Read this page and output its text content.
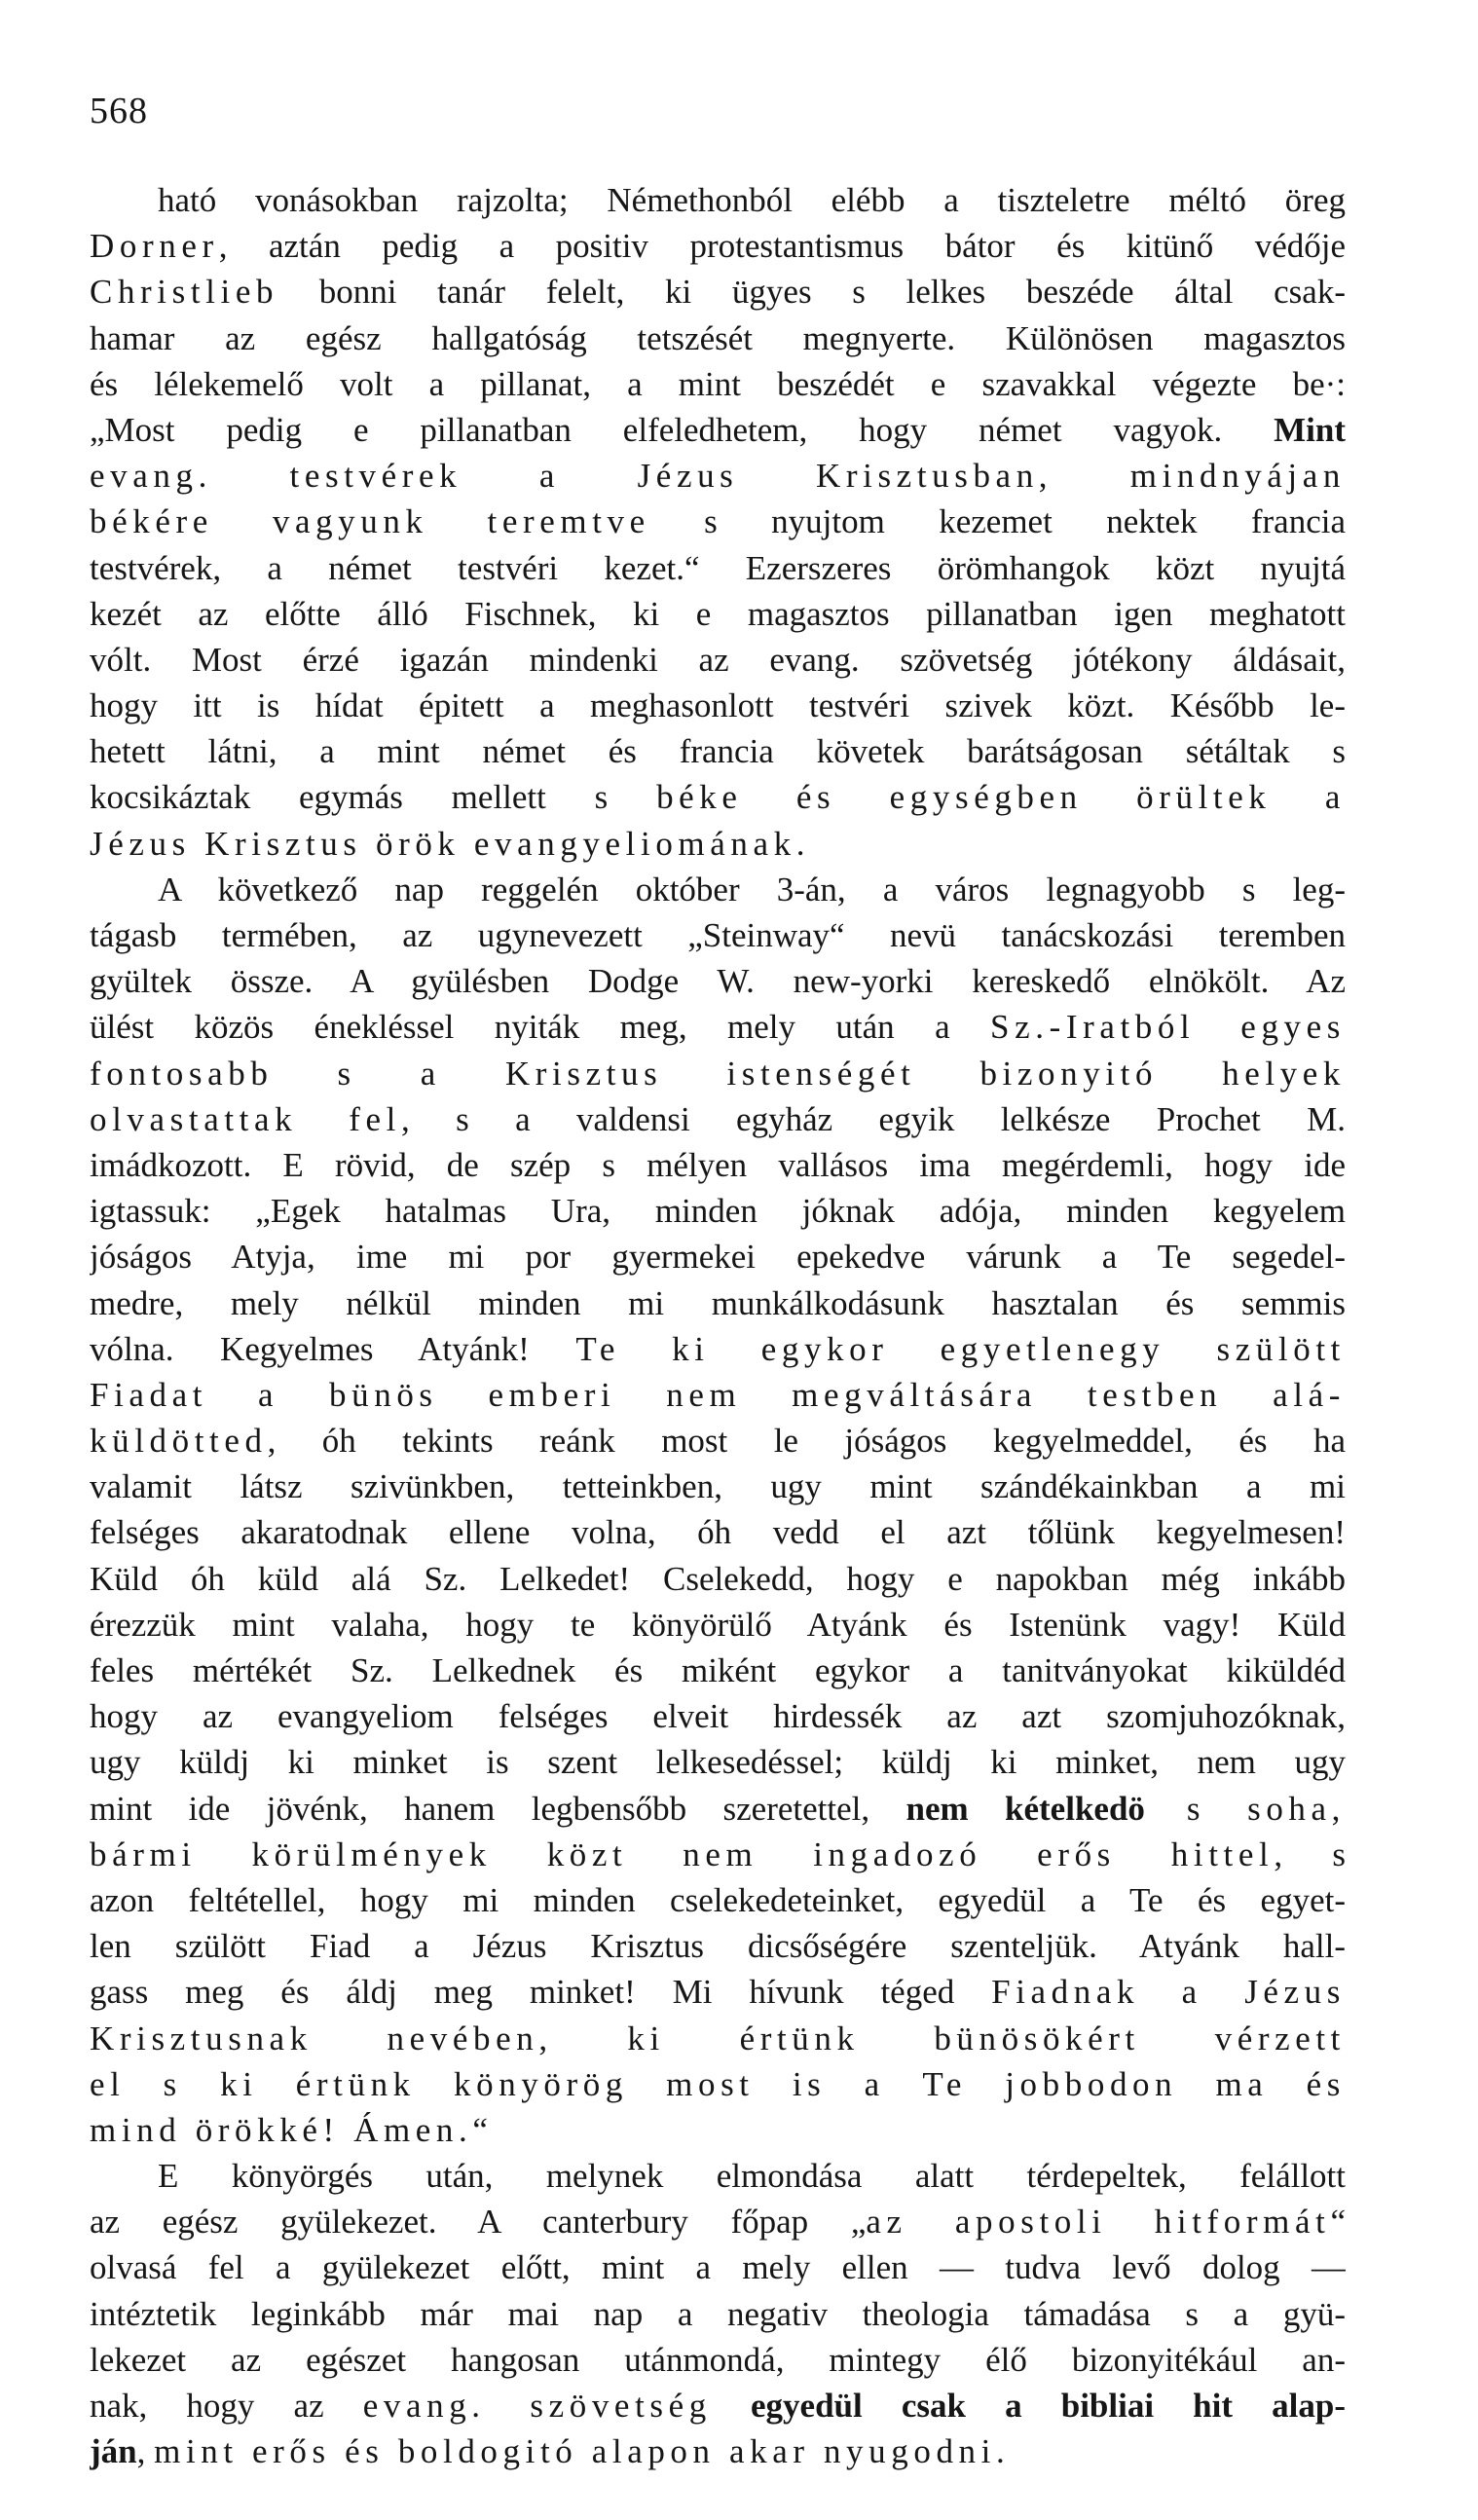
568
ható vonásokban rajzolta; Némethonból elébb a tiszteletre méltó öreg
Dorner, aztán pedig a positiv protestantismus bátor és kitünő védője
Christlieb bonni tanár felelt, ki ügyes s lelkes beszéde által csak-
hamar az egész hallgatóság tetszését megnyerte. Különösen magasztos
és lélekemelő volt a pillanat, a mint beszédét e szavakkal végezte be·:
„Most pedig e pillanatban elfeledhetem, hogy német vagyok. Mint
evang. testvérek a Jézus Krisztusban, mindnyájan
békére vagyunk teremtve s nyujtom kezemet nektek francia
testvérek, a német testvéri kezet.“ Ezerszeres örömhangok közt nyujtá
kezét az előtte álló Fischnek, ki e magasztos pillanatban igen meghatott
vólt. Most érzé igazán mindenki az evang. szövetség jótékony áldásait,
hogy itt is hídat épitett a meghasonlott testvéri szivek közt. Később le-
hetett látni, a mint német és francia követek barátságosan sétáltak s
kocsikáztak egymás mellett s béke és egységben örültek a
Jézus Krisztus örök evangyeliomának.
A következő nap reggelén október 3-án, a város legnagyobb s leg-
tágasb termében, az ugynevezett „Steinway“ nevü tanácskozási teremben
gyültek össze. A gyülésben Dodge W. new-yorki kereskedő elnökölt. Az
ülést közös énekléssel nyiták meg, mely után a Sz.-Iratból egyes
fontosabb s a Krisztus istenségét bizonyitó helyek
olvastattak fel, s a valdensi egyház egyik lelkésze Prochet M.
imádkozott. E rövid, de szép s mélyen vallásos ima megérdemli, hogy ide
igtassuk: „Egek hatalmas Ura, minden jóknak adója, minden kegyelem
jóságos Atyja, ime mi por gyermekei epekedve várunk a Te segedel-
medre, mely nélkül minden mi munkálkodásunk hasztalan és semmis
vólna. Kegyelmes Atyánk! Te ki egykor egyetlenegy szülött
Fiadat a bünös emberi nem megváltására testben alá-
küldötted, óh tekints reánk most le jóságos kegyelmeddel, és ha
valamit látsz szivünkben, tetteinkben, ugy mint szándékainkban a mi
felséges akaratodnak ellene volna, óh vedd el azt tőlünk kegyelmesen!
Küld óh küld alá Sz. Lelkedet! Cselekedd, hogy e napokban még inkább
érezzük mint valaha, hogy te könyörülő Atyánk és Istenünk vagy! Küld
feles mértékét Sz. Lelkednek és miként egykor a tanitványokat kiküldéd
hogy az evangyeliom felséges elveit hirdessék az azt szomjuhozóknak,
ugy küldj ki minket is szent lelkesedéssel; küldj ki minket, nem ugy
mint ide jövénk, hanem legbensőbb szeretettel, nem kételkedö s soha,
bármi körülmények közt nem ingadozó erős hittel, s
azon feltétellel, hogy mi minden cselekedeteinket, egyedül a Te és egyet-
len szülött Fiad a Jézus Krisztus dicsőségére szenteljük. Atyánk hall-
gass meg és áldj meg minket! Mi hívunk téged Fiadnak a Jézus
Krisztusnak nevében, ki értünk bünösökért vérzett
el s ki értünk könyörög most is a Te jobbodon ma és
mind örökké! Ámen.“
E könyörgés után, melynek elmondása alatt térdepeltek, felállott
az egész gyülekezet. A canterbury főpap „az apostoli hitformát“
olvasá fel a gyülekezet előtt, mint a mely ellen — tudva levő dolog —
intéztetik leginkább már mai nap a negativ theologia támadása s a gyü-
lekezet az egészet hangosan utánmondá, mintegy élő bizonyitékául an-
nak, hogy az evang. szövetség egyedül csak a bibliai hit alap-
ján, mint erős és boldogitó alapon akar nyugodni.
